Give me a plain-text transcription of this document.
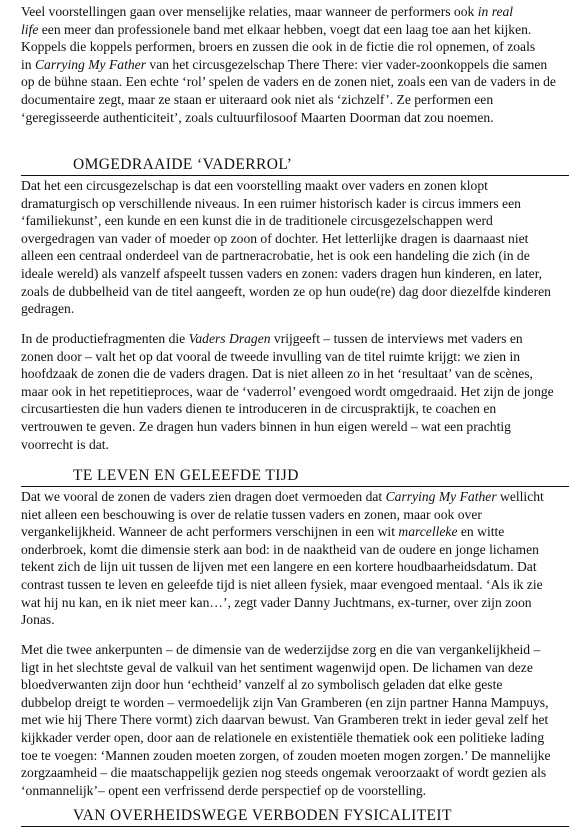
Veel voorstellingen gaan over menselijke relaties, maar wanneer de performers ook in real
life een meer dan professionele band met elkaar hebben, voegt dat een laag toe aan het kijken.
Koppels die koppels performen, broers en zussen die ook in de fictie die rol opnemen, of zoals
in Carrying My Father van het circusgezelschap There There: vier vader-zoonkoppels die samen
op de bühne staan. Een echte ‘rol’ spelen de vaders en de zonen niet, zoals een van de vaders in de
documentaire zegt, maar ze staan er uiteraard ook niet als ‘zichzelf’. Ze performen een
‘geregisseerde authenticiteit’, zoals cultuurfilosoof Maarten Doorman dat zou noemen.
OMGEDRAAIDE ‘VADERROL’
Dat het een circusgezelschap is dat een voorstelling maakt over vaders en zonen klopt
dramaturgisch op verschillende niveaus. In een ruimer historisch kader is circus immers een
‘familiekunst’, een kunde en een kunst die in de traditionele circusgezelschappen werd
overgedragen van vader of moeder op zoon of dochter. Het letterlijke dragen is daarnaast niet
alleen een centraal onderdeel van de partneracrobatie, het is ook een handeling die zich (in de
ideale wereld) als vanzelf afspeelt tussen vaders en zonen: vaders dragen hun kinderen, en later,
zoals de dubbelheid van de titel aangeeft, worden ze op hun oude(re) dag door diezelfde kinderen
gedragen.
In de productiefragmenten die Vaders Dragen vrijgeeft – tussen de interviews met vaders en
zonen door – valt het op dat vooral de tweede invulling van de titel ruimte krijgt: we zien in
hoofdzaak de zonen die de vaders dragen. Dat is niet alleen zo in het ‘resultaat’ van de scènes,
maar ook in het repetitieproces, waar de ‘vaderrol’ evengoed wordt omgedraaid. Het zijn de jonge
circusartiesten die hun vaders dienen te introduceren in de circuspraktijk, te coachen en
vertrouwen te geven. Ze dragen hun vaders binnen in hun eigen wereld – wat een prachtig
voorrecht is dat.
TE LEVEN EN GELEEFDE TIJD
Dat we vooral de zonen de vaders zien dragen doet vermoeden dat Carrying My Father wellicht
niet alleen een beschouwing is over de relatie tussen vaders en zonen, maar ook over
vergankelijkheid. Wanneer de acht performers verschijnen in een wit marcelleke en witte
onderbroek, komt die dimensie sterk aan bod: in de naaktheid van de oudere en jonge lichamen
tekent zich de lijn uit tussen de lijven met een langere en een kortere houdbaarheidsdatum. Dat
contrast tussen te leven en geleefde tijd is niet alleen fysiek, maar evengoed mentaal. ‘Als ik zie
wat hij nu kan, en ik niet meer kan…’, zegt vader Danny Juchtmans, ex-turner, over zijn zoon
Jonas.
Met die twee ankerpunten – de dimensie van de wederzijdse zorg en die van vergankelijkheid –
ligt in het slechtste geval de valkuil van het sentiment wagenwijd open. De lichamen van deze
bloedverwanten zijn door hun ‘echtheid’ vanzelf al zo symbolisch geladen dat elke geste
dubbelop dreigt te worden – vermoedelijk zijn Van Gramberen (en zijn partner Hanna Mampuys,
met wie hij There There vormt) zich daarvan bewust. Van Gramberen trekt in ieder geval zelf het
kijkkader verder open, door aan de relationele en existentiële thematiek ook een politieke lading
toe te voegen: ‘Mannen zouden moeten zorgen, of zouden moeten mogen zorgen.’ De mannelijke
zorgzaamheid – die maatschappelijk gezien nog steeds ongemak veroorzaakt of wordt gezien als
‘onmannelijk’– opent een verfrissend derde perspectief op de voorstelling.
VAN OVERHEIDSWEGE VERBODEN FYSICALITEIT
